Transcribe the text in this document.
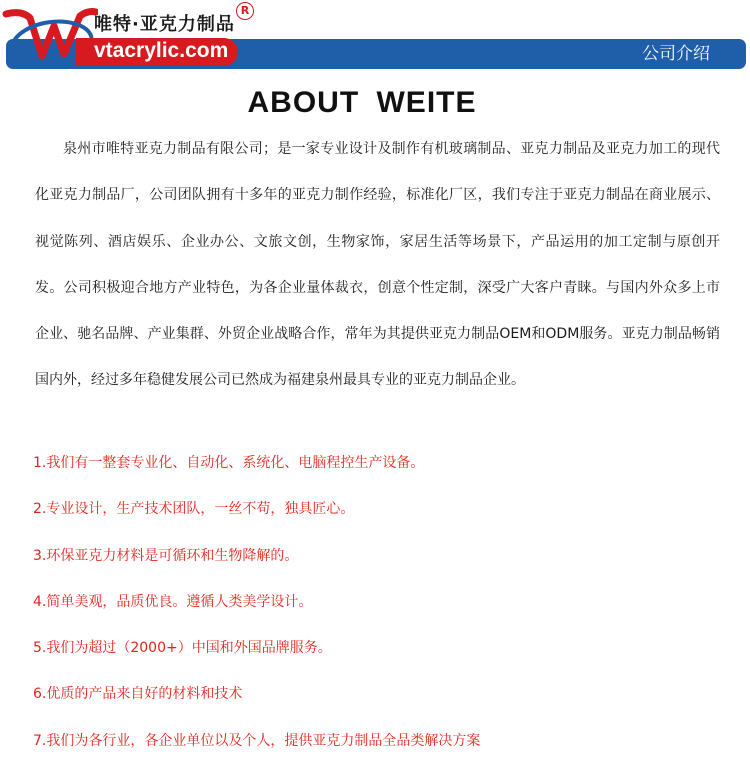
公司介绍
唯特·亚克力制品
R
vtacrylic.com
ABOUT WEITE

泉州市唯特亚克力制品有限公司；是一家专业设计及制作有机玻璃制品、亚克力制品及亚克力加工的现代化亚克力制品厂，公司团队拥有十多年的亚克力制作经验，标准化厂区，我们专注于亚克力制品在商业展示、视觉陈列、酒店娱乐、企业办公、文旅文创，生物家饰，家居生活等场景下，产品运用的加工定制与原创开发。公司积极迎合地方产业特色，为各企业量体裁衣，创意个性定制，深受广大客户青睐。与国内外众多上市企业、驰名品牌、产业集群、外贸企业战略合作，常年为其提供亚克力制品OEM和ODM服务。亚克力制品畅销国内外，经过多年稳健发展公司已然成为福建泉州最具专业的亚克力制品企业。

1.我们有一整套专业化、自动化、系统化、电脑程控生产设备。
2.专业设计，生产技术团队，一丝不苟，独具匠心。
3.环保亚克力材料是可循环和生物降解的。
4.简单美观，品质优良。遵循人类美学设计。
5.我们为超过（2000+）中国和外国品牌服务。
6.优质的产品来自好的材料和技术
7.我们为各行业，各企业单位以及个人，提供亚克力制品全品类解决方案
